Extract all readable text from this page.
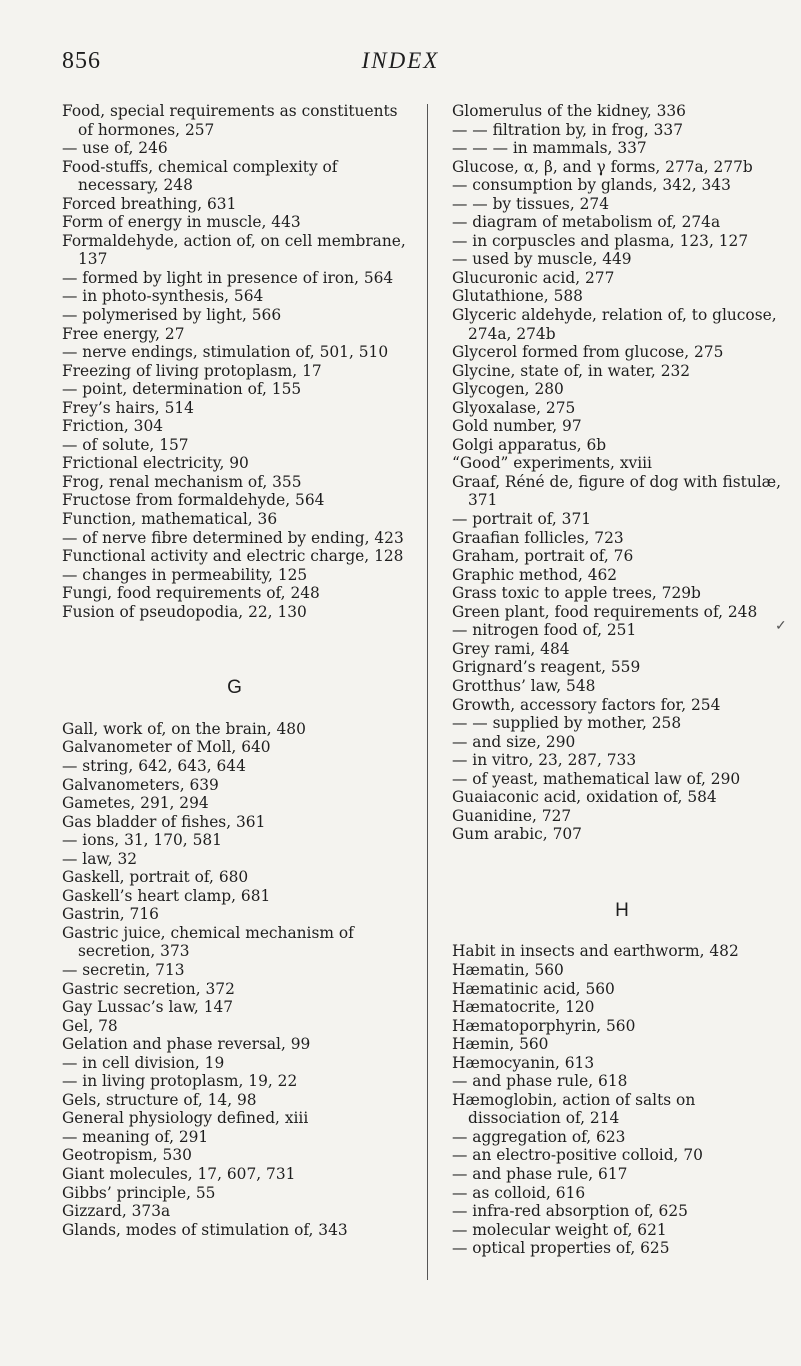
856	INDEX
Food, special requirements as constituents of hormones, 257
— use of, 246
Food-stuffs, chemical complexity of necessary, 248
Forced breathing, 631
Form of energy in muscle, 443
Formaldehyde, action of, on cell membrane, 137
— formed by light in presence of iron, 564
— in photo-synthesis, 564
— polymerised by light, 566
Free energy, 27
— nerve endings, stimulation of, 501, 510
Freezing of living protoplasm, 17
— point, determination of, 155
Frey’s hairs, 514
Friction, 304
— of solute, 157
Frictional electricity, 90
Frog, renal mechanism of, 355
Fructose from formaldehyde, 564
Function, mathematical, 36
— of nerve fibre determined by ending, 423
Functional activity and electric charge, 128
— changes in permeability, 125
Fungi, food requirements of, 248
Fusion of pseudopodia, 22, 130
G
Gall, work of, on the brain, 480
Galvanometer of Moll, 640
— string, 642, 643, 644
Galvanometers, 639
Gametes, 291, 294
Gas bladder of fishes, 361
— ions, 31, 170, 581
— law, 32
Gaskell, portrait of, 680
Gaskell’s heart clamp, 681
Gastrin, 716
Gastric juice, chemical mechanism of secretion, 373
— secretin, 713
Gastric secretion, 372
Gay Lussac’s law, 147
Gel, 78
Gelation and phase reversal, 99
— in cell division, 19
— in living protoplasm, 19, 22
Gels, structure of, 14, 98
General physiology defined, xiii
— meaning of, 291
Geotropism, 530
Giant molecules, 17, 607, 731
Gibbs’ principle, 55
Gizzard, 373a
Glands, modes of stimulation of, 343
Glomerulus of the kidney, 336
— — filtration by, in frog, 337
— — — in mammals, 337
Glucose, α, β, and γ forms, 277a, 277b
— consumption by glands, 342, 343
— — by tissues, 274
— diagram of metabolism of, 274a
— in corpuscles and plasma, 123, 127
— used by muscle, 449
Glucuronic acid, 277
Glutathione, 588
Glyceric aldehyde, relation of, to glucose, 274a, 274b
Glycerol formed from glucose, 275
Glycine, state of, in water, 232
Glycogen, 280
Glyoxalase, 275
Gold number, 97
Golgi apparatus, 6b
“Good” experiments, xviii
Graaf, Réné de, figure of dog with fistulæ, 371
— portrait of, 371
Graafian follicles, 723
Graham, portrait of, 76
Graphic method, 462
Grass toxic to apple trees, 729b
Green plant, food requirements of, 248
— nitrogen food of, 251
Grey rami, 484
Grignard’s reagent, 559
Grotthus’ law, 548
Growth, accessory factors for, 254
— — supplied by mother, 258
— and size, 290
— in vitro, 23, 287, 733
— of yeast, mathematical law of, 290
Guaiaconic acid, oxidation of, 584
Guanidine, 727
Gum arabic, 707
H
Habit in insects and earthworm, 482
Hæmatin, 560
Hæmatinic acid, 560
Hæmatocrite, 120
Hæmatoporphyrin, 560
Hæmin, 560
Hæmocyanin, 613
— and phase rule, 618
Hæmoglobin, action of salts on dissociation of, 214
— aggregation of, 623
— an electro-positive colloid, 70
— and phase rule, 617
— as colloid, 616
— infra-red absorption of, 625
— molecular weight of, 621
— optical properties of, 625
✓
